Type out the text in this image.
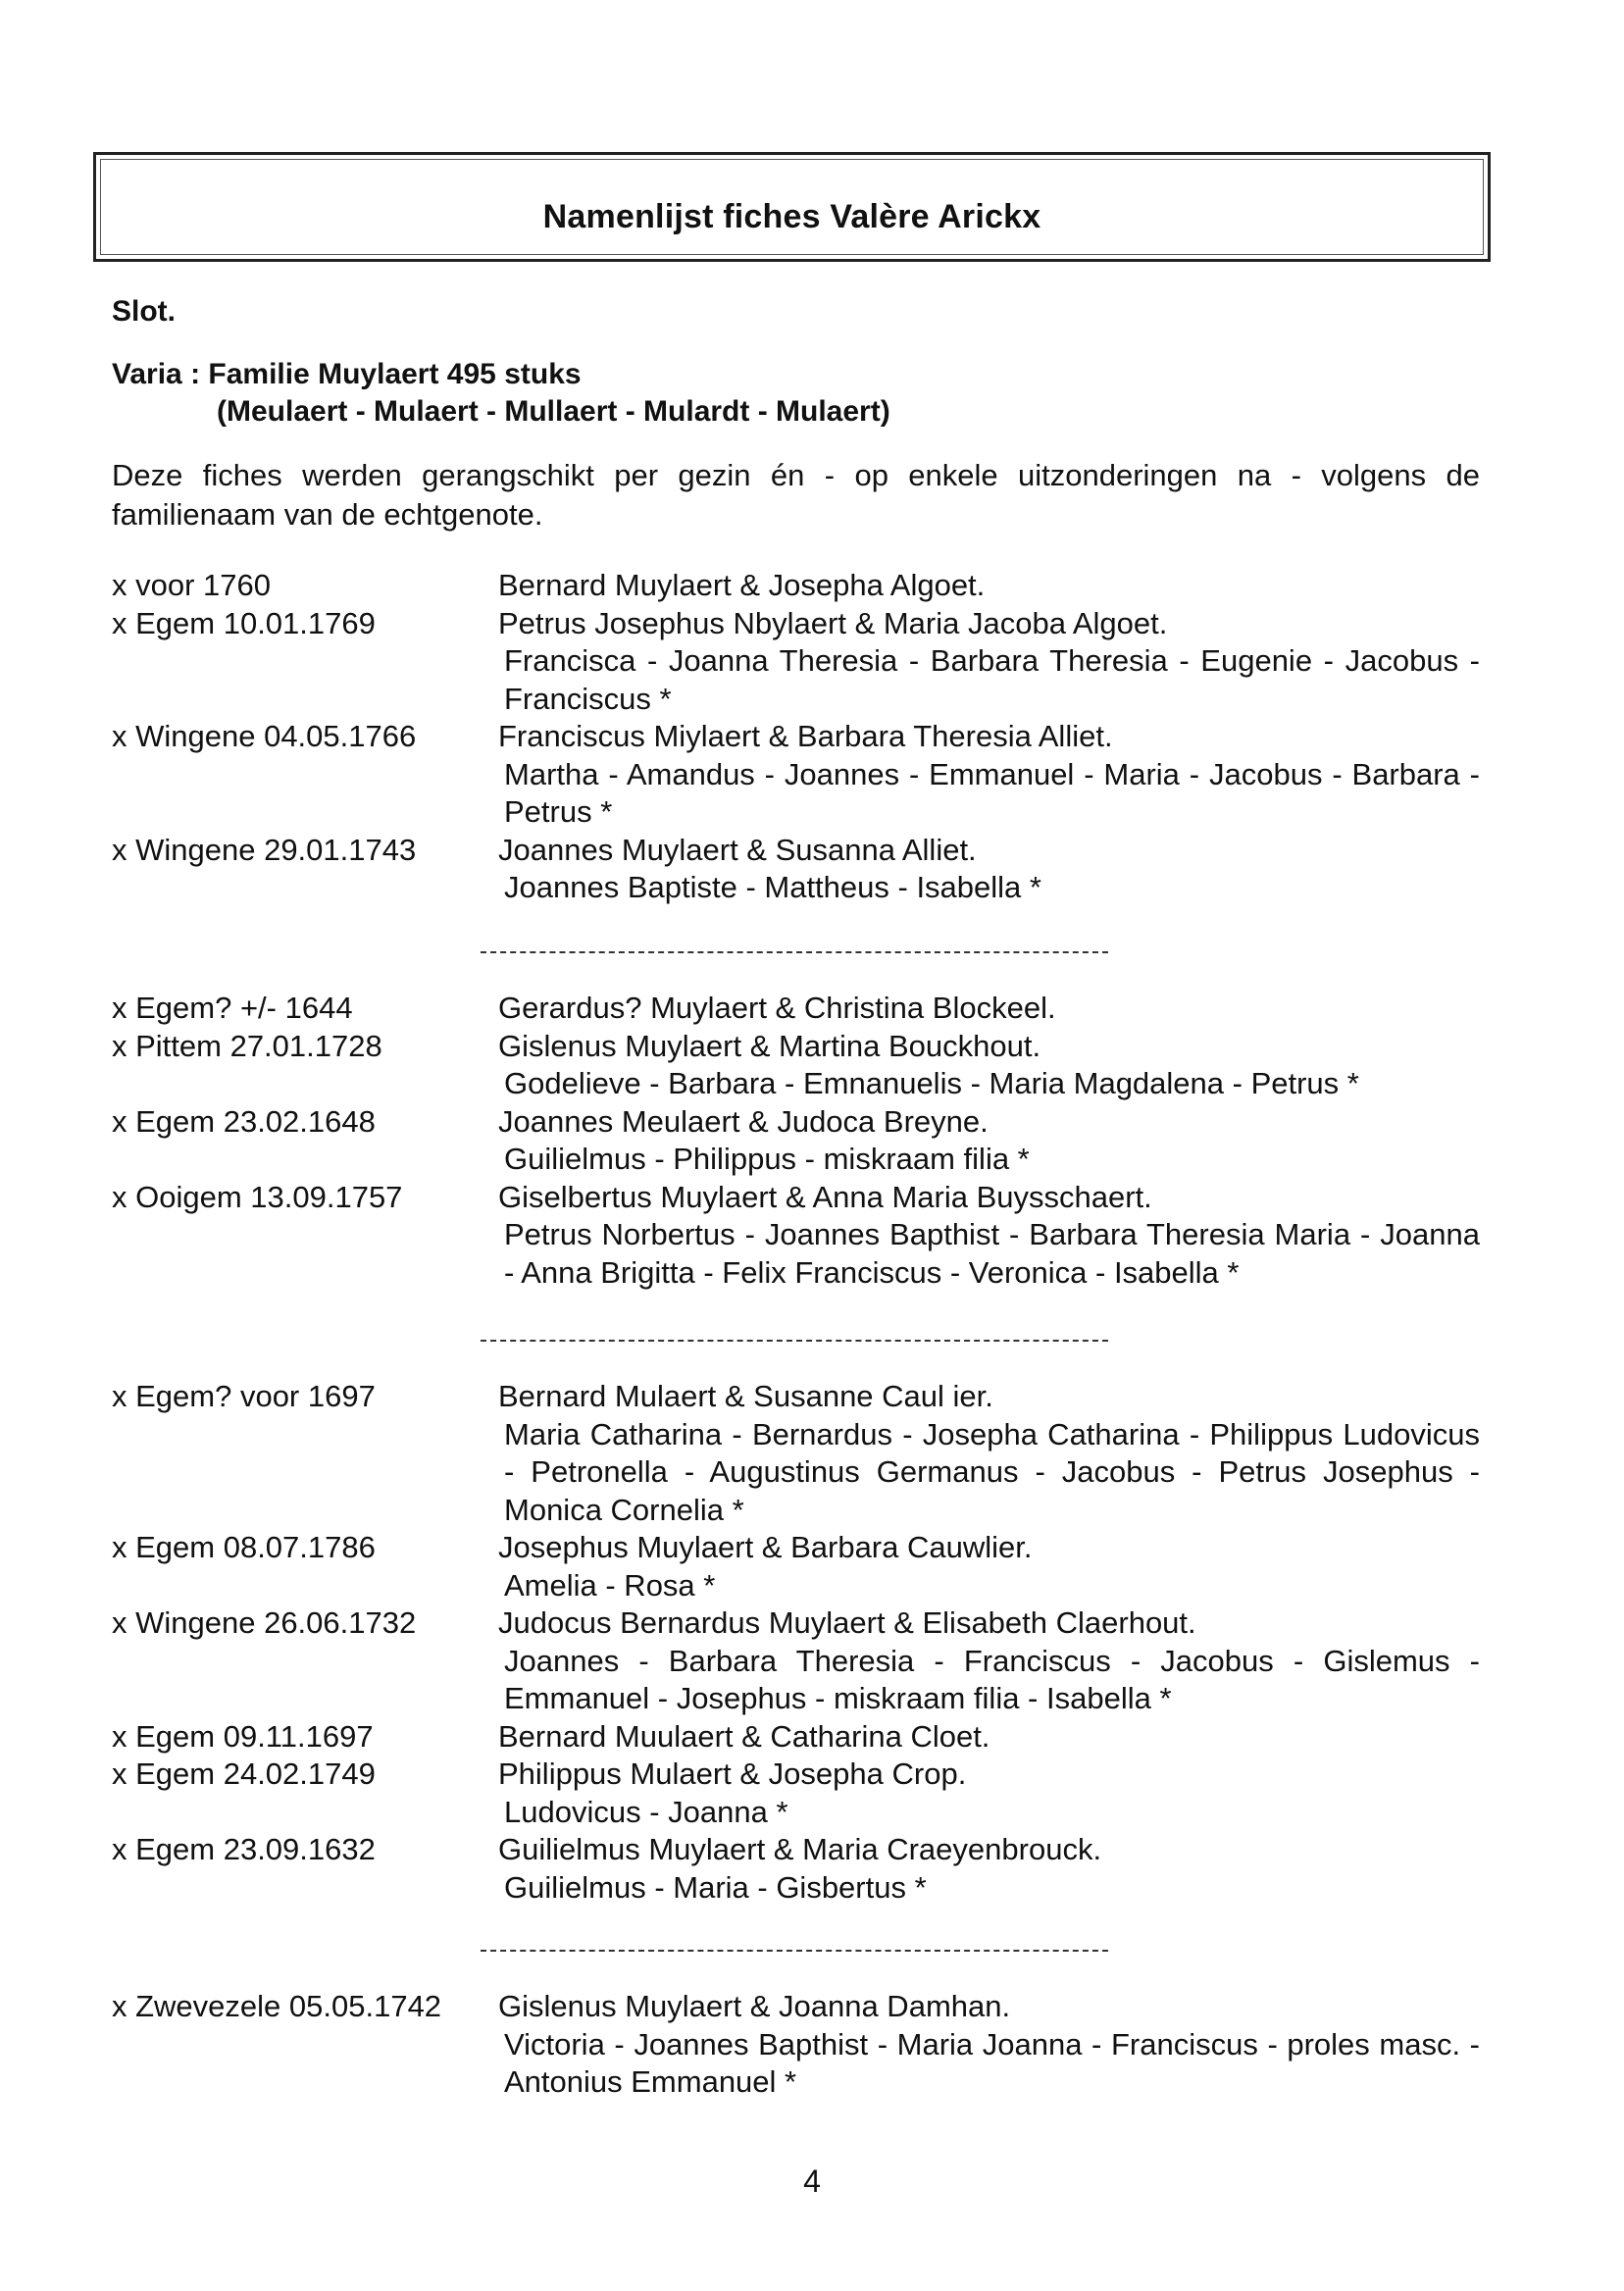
Namenlijst fiches Valère Arickx
Slot.
Varia : Familie Muylaert 495 stuks
(Meulaert - Mulaert - Mullaert - Mulardt - Mulaert)
Deze fiches werden gerangschikt per gezin én - op enkele uitzonderingen na - volgens de familienaam van de echtgenote.
x voor 1760	Bernard Muylaert & Josepha Algoet.
x Egem 10.01.1769	Petrus Josephus Nbylaert & Maria Jacoba Algoet.
Francisca - Joanna Theresia - Barbara Theresia - Eugenie - Jacobus - Franciscus *
x Wingene 04.05.1766	Franciscus Miylaert & Barbara Theresia Alliet.
Martha - Amandus - Joannes - Emmanuel - Maria - Jacobus - Barbara - Petrus *
x Wingene 29.01.1743	Joannes Muylaert & Susanna Alliet.
Joannes Baptiste - Mattheus - Isabella *
x Egem? +/- 1644	Gerardus? Muylaert & Christina Blockeel.
x Pittem 27.01.1728	Gislenus Muylaert & Martina Bouckhout.
Godelieve - Barbara - Emnanuelis - Maria Magdalena - Petrus *
x Egem 23.02.1648	Joannes Meulaert & Judoca Breyne.
Guilielmus - Philippus - miskraam filia *
x Ooigem 13.09.1757	Giselbertus Muylaert & Anna Maria Buysschaert.
Petrus Norbertus - Joannes Bapthist - Barbara Theresia Maria - Joanna - Anna Brigitta - Felix Franciscus - Veronica - Isabella *
x Egem? voor 1697	Bernard Mulaert & Susanne Caul ier.
Maria Catharina - Bernardus - Josepha Catharina - Philippus Ludovicus - Petronella - Augustinus Germanus - Jacobus - Petrus Josephus - Monica Cornelia *
x Egem 08.07.1786	Josephus Muylaert & Barbara Cauwlier.
Amelia - Rosa *
x Wingene 26.06.1732	Judocus Bernardus Muylaert & Elisabeth Claerhout.
Joannes - Barbara Theresia - Franciscus - Jacobus - Gislemus - Emmanuel - Josephus - miskraam filia - Isabella *
x Egem 09.11.1697	Bernard Muulaert & Catharina Cloet.
x Egem 24.02.1749	Philippus Mulaert & Josepha Crop.
Ludovicus - Joanna *
x Egem 23.09.1632	Guilielmus Muylaert & Maria Craeyenbrouck.
Guilielmus - Maria - Gisbertus *
x Zwevezele 05.05.1742	Gislenus Muylaert & Joanna Damhan.
Victoria - Joannes Bapthist - Maria Joanna - Franciscus - proles masc. - Antonius Emmanuel *
4
